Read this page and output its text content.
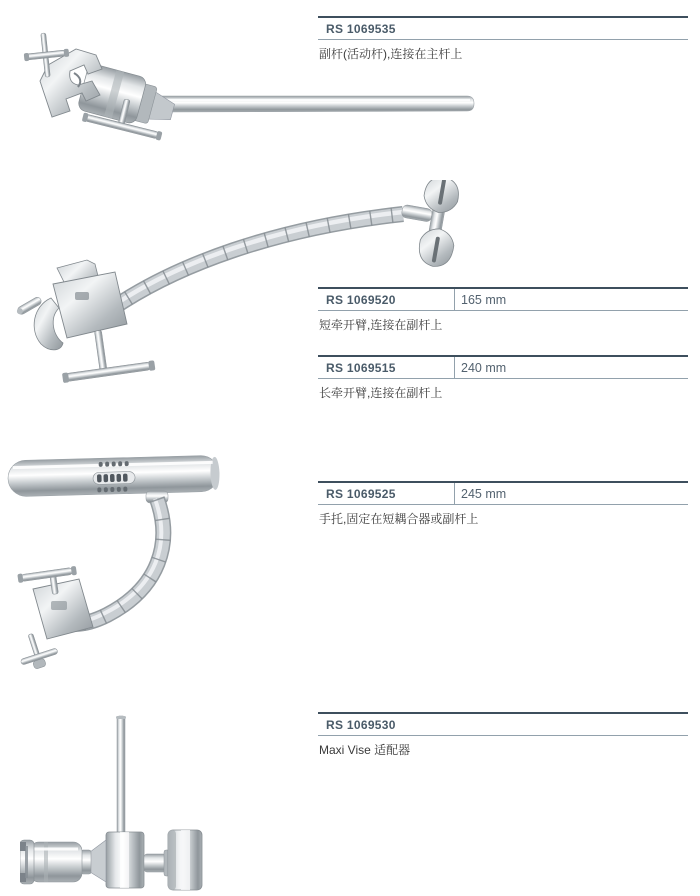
RS 1069535
副杆(活动杆),连接在主杆上
RS 1069520	165 mm
短牵开臂,连接在副杆上
RS 1069515	240 mm
长牵开臂,连接在副杆上
RS 1069525	245 mm
手托,固定在短耦合器或副杆上
RS 1069530
Maxi Vise 适配器
